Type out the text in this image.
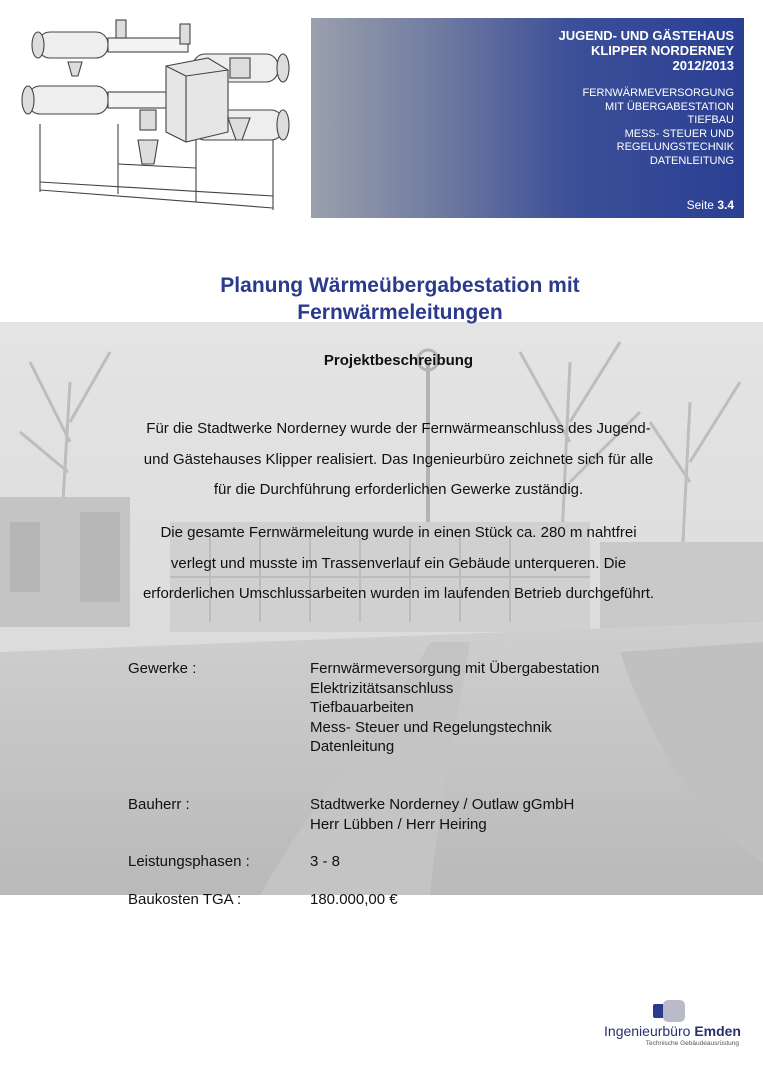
JUGEND- UND GÄSTEHAUS
KLIPPER NORDERNEY
2012/2013
FERNWÄRMEVERSORGUNG
MIT ÜBERGABESTATION
TIEFBAU
MESS- STEUER UND
REGELUNGSTECHNIK
DATENLEITUNG
Seite 3.4
Planung Wärmeübergabestation mit
Fernwärmeleitungen
Projektbeschreibung
Für die Stadtwerke Norderney wurde der Fernwärmeanschluss des Jugend-
und Gästehauses Klipper realisiert. Das Ingenieurbüro zeichnete sich für alle
für die Durchführung erforderlichen Gewerke zuständig.
Die gesamte Fernwärmeleitung wurde in einen Stück ca. 280 m nahtfrei
verlegt und musste im Trassenverlauf ein Gebäude unterqueren. Die
erforderlichen Umschlussarbeiten wurden im laufenden Betrieb durchgeführt.
Gewerke :	Fernwärmeversorgung mit Übergabestation
Elektrizitätsanschluss
Tiefbauarbeiten
Mess- Steuer und Regelungstechnik
Datenleitung
Bauherr :	Stadtwerke Norderney / Outlaw gGmbH
Herr Lübben / Herr Heiring
Leistungsphasen :	3 - 8
Baukosten TGA :	180.000,00 €
Ingenieurbüro Emden
Technische Gebäudeausrüstung
